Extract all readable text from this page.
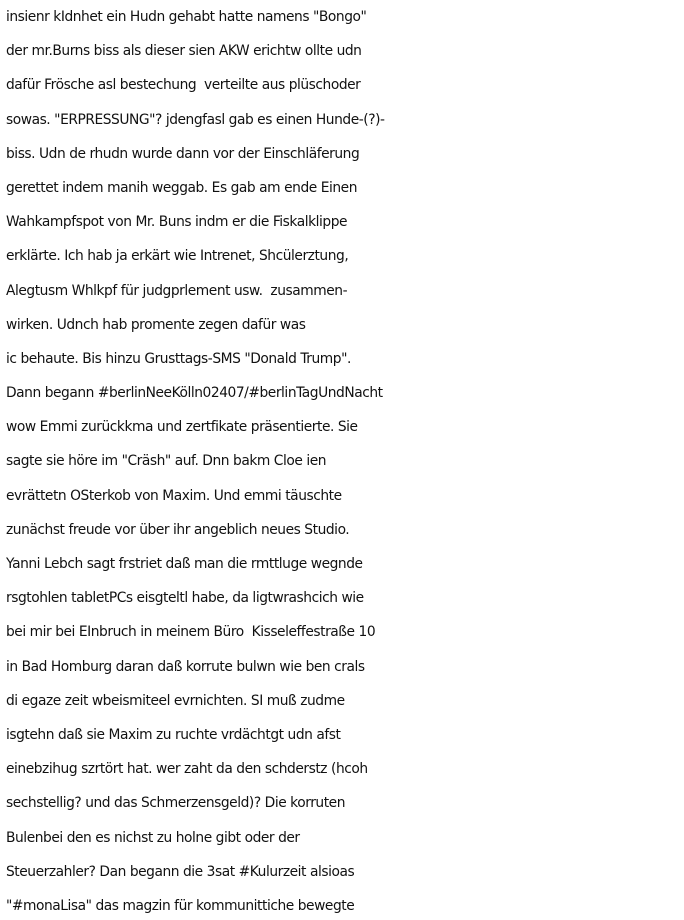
insienr kIdnhet ein Hudn gehabt hatte namens "Bongo"
der mr.Burns biss als dieser sien AKW erichtw ollte udn
dafür Frösche asl bestechung  verteilte aus plüschoder
sowas. "ERPRESSUNG"? jdengfasl gab es einen Hunde-(?)-
biss. Udn de rhudn wurde dann vor der Einschläferung
gerettet indem manih weggab. Es gab am ende Einen
Wahkampfspot von Mr. Buns indm er die Fiskalklippe
erklärte. Ich hab ja erkärt wie Intrenet, Shcülerztung,
Alegtusm Whlkpf für judgprlement usw.  zusammen-
wirken. Udnch hab promente zegen dafür was
ic behaute. Bis hinzu Grusttags-SMS "Donald Trump".
Dann begann #berlinNeeKölln02407/#berlinTagUndNacht
wow Emmi zurückkma und zertfikate präsentierte. Sie
sagte sie höre im "Cräsh" auf. Dnn bakm Cloe ien
evrättetn OSterkob von Maxim. Und emmi täuschte
zunächst freude vor über ihr angeblich neues Studio.
Yanni Lebch sagt frstriet daß man die rmttluge wegnde
rsgtohlen tabletPCs eisgteltl habe, da ligtwrashcich wie
bei mir bei EInbruch in meinem Büro  Kisseleffestraße 10
in Bad Homburg daran daß korrute bulwn wie ben crals
di egaze zeit wbeismiteel evrnichten. SI muß zudme
isgtehn daß sie Maxim zu ruchte vrdächtgt udn afst
einebzihug szrtört hat. wer zaht da den schderstz (hcoh
sechstellig? und das Schmerzensgeld)? Die korruten
Bulenbei den es nichst zu holne gibt oder der
Steuerzahler? Dan begann die 3sat #Kulurzeit alsioas
"#monaLisa" das magzin für kommunittiche bewegte
